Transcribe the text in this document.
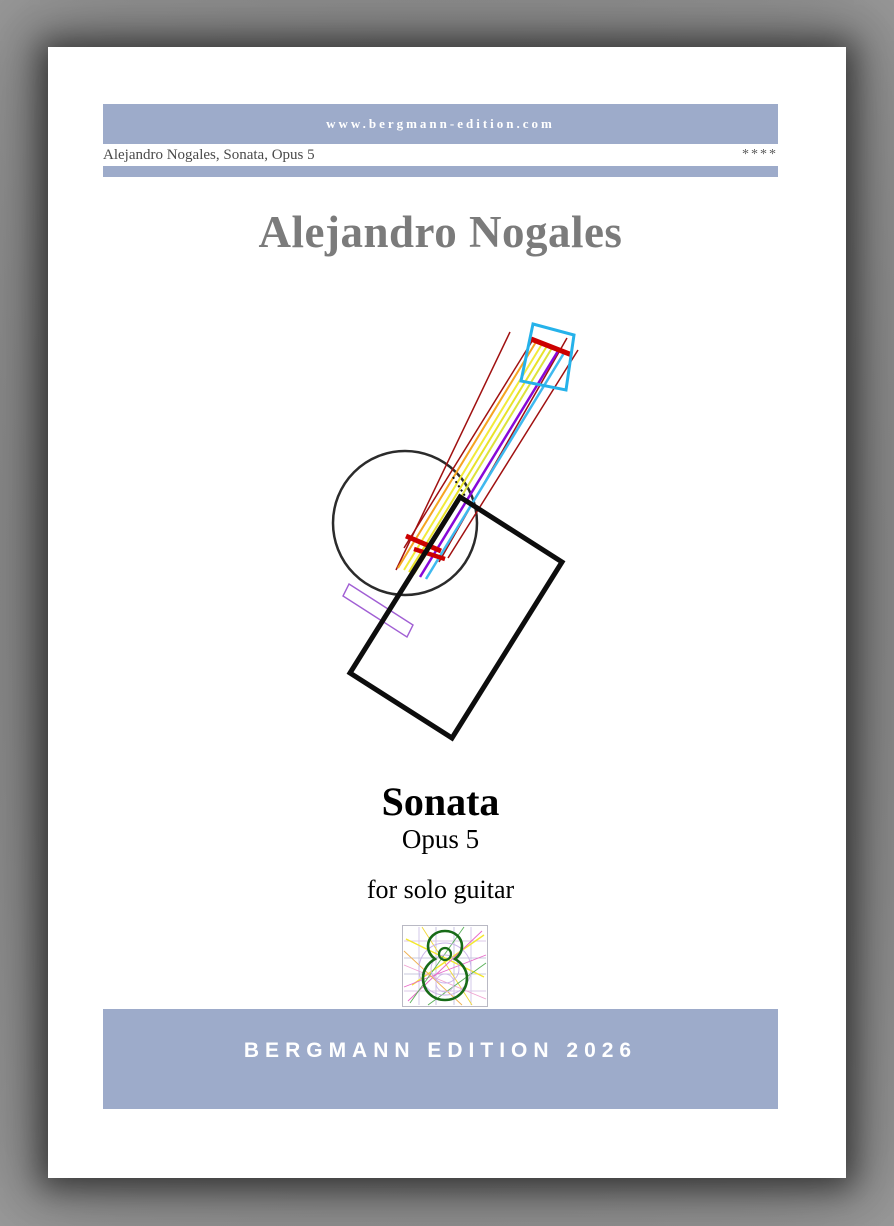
www.bergmann-edition.com
Alejandro Nogales, Sonata, Opus 5	****
Alejandro Nogales

Sonata

Opus 5

for solo guitar

BERGMANN EDITION 2026
